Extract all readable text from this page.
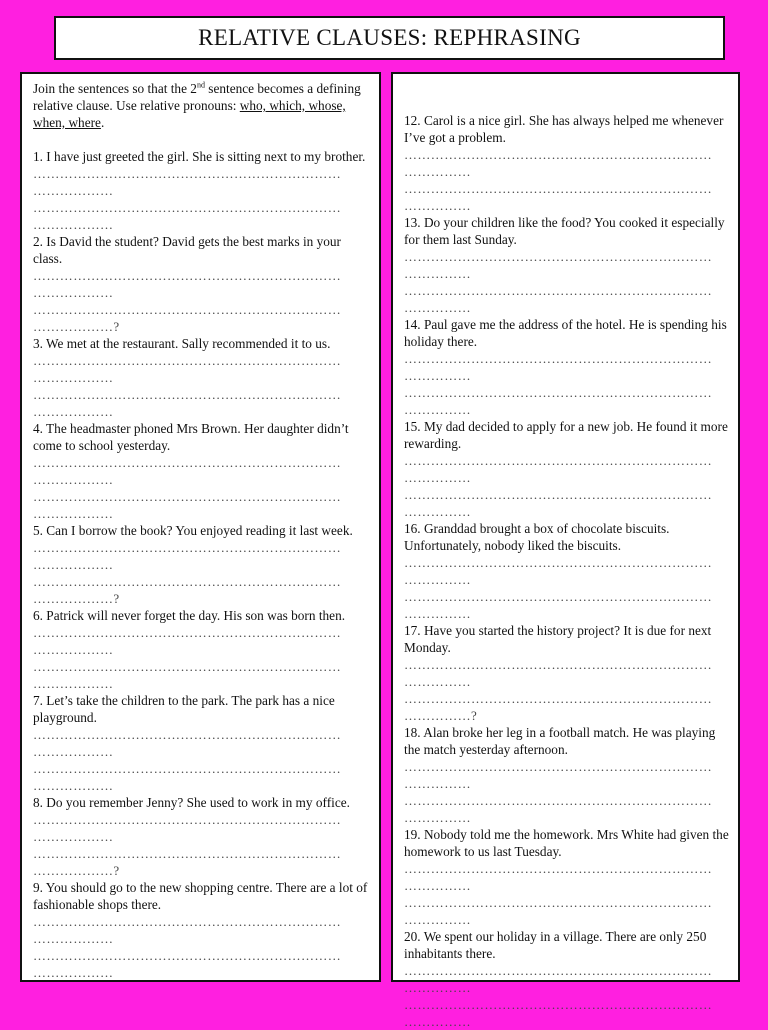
RELATIVE CLAUSES: REPHRASING

Join the sentences so that the 2nd sentence becomes a defining relative clause. Use relative pronouns: who, which, whose, when, where.

1. I have just greeted the girl. She is sitting next to my brother.

……………………………………………………………
………………
……………………………………………………………
………………

2. Is David the student? David gets the best marks in your class.

……………………………………………………………
………………
……………………………………………………………
………………?

3. We met at the restaurant. Sally recommended it to us.

……………………………………………………………
………………
……………………………………………………………
………………

4. The headmaster phoned Mrs Brown. Her daughter didn’t come to school yesterday.

……………………………………………………………
………………
……………………………………………………………
………………

5. Can I borrow the book? You enjoyed reading it last week.

……………………………………………………………
………………
……………………………………………………………
………………?

6. Patrick will never forget the day. His son was born then.

……………………………………………………………
………………
……………………………………………………………
………………

7. Let’s take the children to the park. The park has a nice playground.

……………………………………………………………
………………
……………………………………………………………
………………

8. Do you remember Jenny? She used to work in my office.

……………………………………………………………
………………
……………………………………………………………
………………?

9. You should go to the new shopping centre. There are a lot of fashionable shops there.

……………………………………………………………
………………
……………………………………………………………
………………

12. Carol is a nice girl. She has always helped me whenever I’ve got a problem.

……………………………………………………………
……………
……………………………………………………………
……………

13. Do your children like the food? You cooked it especially for them last Sunday.

……………………………………………………………
……………
……………………………………………………………
……………

14. Paul gave me the address of the hotel. He is spending his holiday there.

……………………………………………………………
……………
……………………………………………………………
……………

15. My dad decided to apply for a new job. He found it more rewarding.

……………………………………………………………
……………
……………………………………………………………
……………

16. Granddad brought a box of chocolate biscuits. Unfortunately, nobody liked the biscuits.

……………………………………………………………
……………
……………………………………………………………
……………

17. Have you started the history project? It is due for next Monday.

……………………………………………………………
……………
……………………………………………………………
……………?

18. Alan broke her leg in a football match. He was playing the match yesterday afternoon.

……………………………………………………………
……………
……………………………………………………………
……………

19. Nobody told me the homework. Mrs White had given the homework to us last Tuesday.

……………………………………………………………
……………
……………………………………………………………
……………

20. We spent our holiday in a village. There are only 250 inhabitants there.

……………………………………………………………
……………
……………………………………………………………
……………
